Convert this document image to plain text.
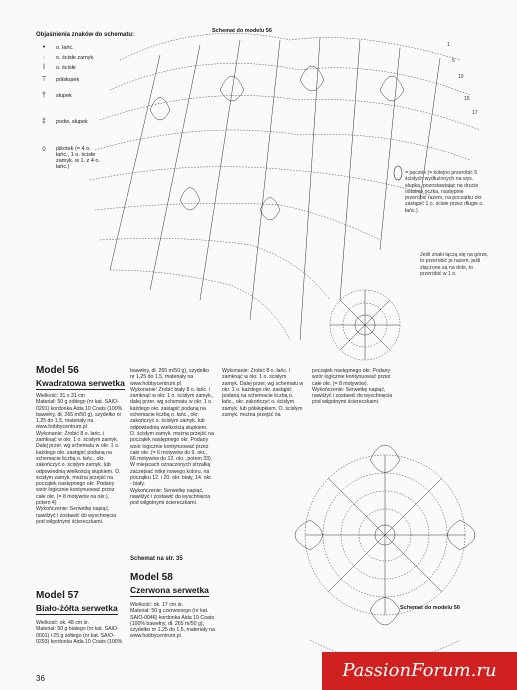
Objaśnienia znaków do schematu:
•	o. łańc.
·	o. ścisłe zamyk.
ǀ	o. ścisłe
⊤	półsłupek
†	słupek
‡	podw. słupek
◊	pikotek (= 4 o. łańc., 1 o. ścisłe zamyk. w 1. z 4 o. łańc.)
Schemat do modelu 56
1
5
10
15
17
= pęczek (= kolejno przerobić 5 ścisłych wydłużonych na wys. słupka, pozostawiając na drucie ostatnie oczka, następnie przerobić razem, na początku okr. zastąpić 1 o. ścisłe przez długie o. łańc.)
Jeśli znaki łączą się na górze, to przerobić je razem, jeśli złączone są na dole, to przerobić w 1 o.
Model 56
Kwadratowa serwetka
Wielkość: 31 x 31 cm
Materiał: 50 g żółtego (nr kat. SAIO-0291) kordonka Aida 10 Coats (100% bawełny, dł. 265 m/50 g), szydełko nr 1,25 do 1,5, materiały na www.hobbycentrum.pl
Wykonanie: Zrobić 8 o. łańc. i zamknąć w okr. 1 o. ścisłym zamyk. Dalej przer. wg schematu w okr. 1 o. każdego okr. zastąpić podaną na schemacie liczbą o. łańc., okr. zakończyć o. ścisłym zamyk. lub odpowiednią wielkością słupkiem. O. ścisłym zamyk. można przejść na początek następnego okr. Podany wzór logicznie kontynuować przez całe okr. (= 8 motywów na okr.), potem 4)
Wykończenie: Serwetkę napiąć, nawilżyć i zostawić do wyschnięcia pod wilgotnymi ściereczkami.
bawełny, dł. 265 m/50 g), szydełko nr 1,25 do 1,5, materiały na www.hobbycentrum.pl
Wykonanie: Zrobić biały 8 o. łańc. i zamknąć w okr. 1 o. ścisłym zamyk., dalej przer. wg schematu w okr. 1 o. każdego okr. zastąpić podaną na schemacie liczbą o. łańc., okr. zakończyć o. ścisłym zamyk. lub odpowiednią wielkością słupkiem. O. ścisłym zamyk. można przejść na początek następnego okr. Podany wzór logicznie kontynuować przez całe okr. (= 6 motywów do 9. okr., 66 motywów do 12. okr., potem 33). W miejscach oznaczonych strzałką zaczepiać nitkę nowego koloru, na początku 12. i 20. okr. biały, 14. okr. - biały.
Wykończenie: Serwetkę napiąć, nawilżyć i zostawić do wyschnięcia pod wilgotnymi ściereczkami.
Wykonanie: Zrobić 8 o. łańc. i zamknąć w okr. 1 o. ścisłym zamyk. Dalej przer. wg schematu w okr. 1 o. każdego okr. zastąpić podaną na schemacie liczbą o. łańc., okr. zakończyć o. ścisłym zamyk. lub półsłupkiem. O. ścisłym zamyk. można przejść na
początek następnego okr. Podany wzór logicznie kontynuować przez całe okr. (= 8 motywów).
Wykończenie: Serwetkę napiąć, nawilżyć i zostawić do wyschnięcia pod wilgotnymi ściereczkami.
Schemat na str. 35
Model 57
Biało-żółta serwetka
Wielkość: ok. 48 cm śr.
Materiał: 50 g białego (nr kat. SAIO-0001) i 25 g żółtego (nr kat. SAIO-0293) kordonka Aida 10 Coats (100%
Model 58
Czerwona serwetka
Wielkość: ok. 17 cm śr.
Materiał: 50 g czerwonego (nr kat. SAIO-0046) kordonka Aida 10 Coats (100% bawełny, dł. 265 m/50 g), szydełko nr 1,25 do 1,5, materiały na www.hobbycentrum.pl
Schemat do modelu 56
36	PassionForum.ru
